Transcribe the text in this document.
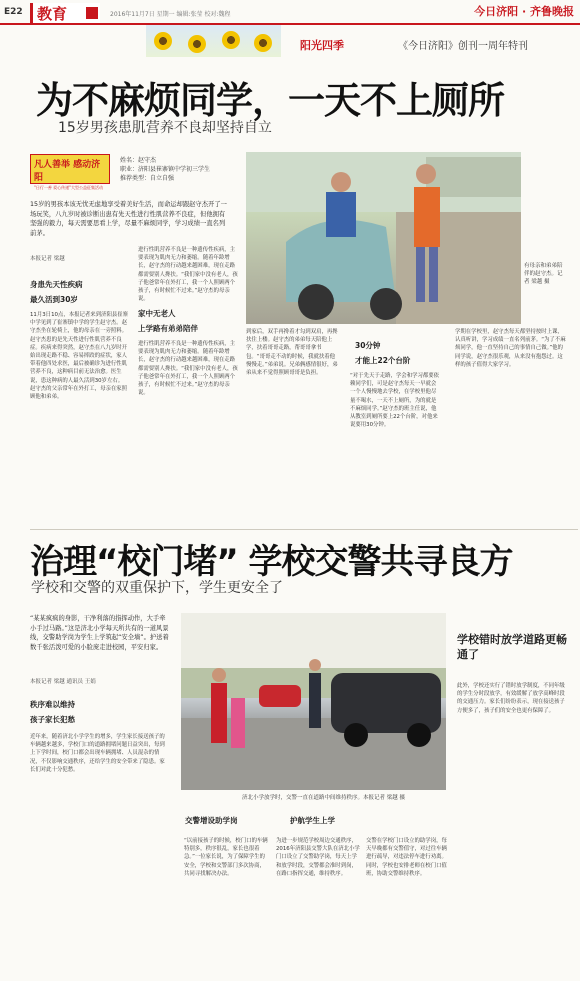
E22 教育	2016年11月7日 星期一 编辑:张莹 校对:魏程	今日济阳 · 齐鲁晚报
阳光四季	《今日济阳》创刊一周年特刊
为不麻烦同学，一天不上厕所
15岁男孩患肌营养不良却坚持自立
凡人善举 感动济阳
"日行一善 爱心传递"大型公益征集活动
姓名：赵守杰
职业：济阳县崔寨镇中学初三学生
推荐类型：自立自强
15岁的男孩本该无忧无虑地享受着美好生活，而命运却跟赵守杰开了一场玩笑，八九岁时被诊断出患有先天性进行性肌营养不良症，但他拥有坚强的毅力，每天需要思看上学，尽量不麻烦同学，学习成绩一直名列前茅。
有母亲和弟弟陪伴的赵守杰。记者 梁越 摄
本报记者 梁越
身患先天性疾病
最久活到30岁
11月3日10点，本报记者来到济阳县崔寨中学见到了崔寨镇中学的学生赵守杰。赵守杰坐在轮椅上，他的母亲在一旁照料。赵守杰患的是先天性进行性肌营养不良症。疾病来得突然，赵守杰在八九岁时开始出现走路不稳、容易摔跤的症状，家人带着他四处求医，最后被确诊为进行性肌营养不良，这种病目前无法治愈。医生说，患这种病的人最久活到30岁左右。赵守杰的父亲常年在外打工，母亲在家照顾他和弟弟。
进行性肌营养不良是一种遗传性疾病，主要表现为肌肉无力和萎缩。随着年龄增长，赵守杰的行动越来越困难，现在走路都需要别人搀扶。“我们家中没有老人，孩子他爸常年在外打工，我一个人照顾两个孩子，有时候忙不过来。”赵守杰的母亲说。
家中无老人
上学路有弟弟陪伴
进行性肌营养不良是一种遗传性疾病，主要表现为肌肉无力和萎缩。随着年龄增长，赵守杰的行动越来越困难，现在走路都需要别人搀扶。“我们家中没有老人，孩子他爸常年在外打工，我一个人照顾两个孩子，有时候忙不过来。”赵守杰的母亲说。
到家后，双手再搀着才勾到双肩，再搀扶住上楼。赵守杰的弟弟每天陪他上学，扶着哥哥走路，帮哥哥拿书包。“哥哥走不动的时候，我就扶着他慢慢走。”弟弟说。兄弟俩感情很好，弟弟从来不觉得照顾哥哥是负担。
30分钟
才能上22个台阶
“对于先天于走路，学会和学习都要依赖同学们，可是赵守杰每天一早就会一个人慢慢地去学校，在学校里他尽量不喝水，一天不上厕所，为的就是不麻烦同学。”赵守杰的班主任说，他从教室到厕所要上22个台阶，对他来说要用30分钟。
学期在学校里，赵守杰每天都坚持按时上课，认真听讲，学习成绩一直名列前茅。“为了不麻烦同学，他一直坚持自己的事情自己做。”他的同学说，赵守杰很乐观，从来没有抱怨过。这样的孩子值得大家学习。
治理“校门堵” 学校交警共寻良方
学校和交警的双重保护下，学生更安全了
“某某疯疯的身影，干净利落的指挥动作，大手牵小手过马路。”这是济北小学每天所共有的一道风景线，交警助学岗为学生上学筑起“安全墙”。护送着数千张活泼可爱的小脸庞走进校园，平安归家。
本报记者 梁越 通讯员 王娟
秩序难以维持
孩子家长犯愁
近年来，随着济北小学学生的增多，学生家长接送孩子的车辆越来越多，学校门口的道路拥堵问题日益突出，每到上下学时间，校门口都会出现车辆拥堵、人员混杂的情况，不仅影响交通秩序，还给学生的安全带来了隐患。家长们对此十分犯愁。
济北小学放学时，交警一直在道路中间维持秩序。本报记者 梁越 摄
学校错时放学道路更畅通了
此外，学校还实行了错时放学制度，不同年级的学生分时段放学，有效缓解了放学高峰时段的交通压力。家长们纷纷表示，现在接送孩子方便多了，孩子们的安全也更有保障了。
交警增设助学岗	护航学生上学
“以前接孩子的时候，校门口的车辆特别多，秩序很乱，家长也很着急。”一位家长说，为了保障学生的安全，学校和交警部门多次协商，共同寻找解决办法。
为进一步规范学校周边交通秩序，2016年济阳县交警大队在济北小学门口设立了交警助学岗，每天上学和放学时段，交警都会准时到岗，在路口指挥交通，维持秩序。
交警在学校门口设立的助学岗，每天早晚都有交警值守，对过往车辆进行疏导，对违法停车进行劝离。同时，学校也安排老师在校门口值班，协助交警维持秩序。
